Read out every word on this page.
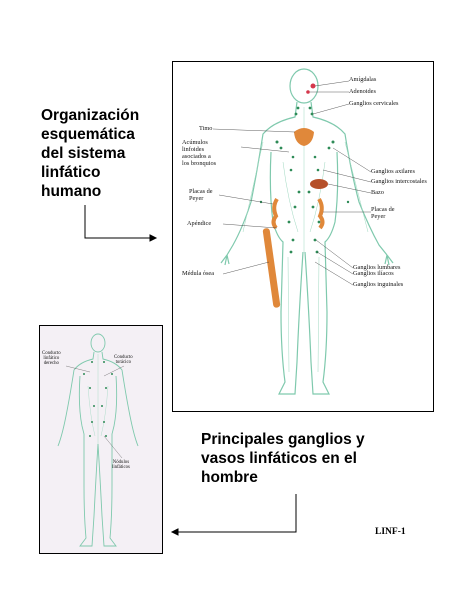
Organización
esquemática
del sistema
linfático
humano
Amígdalas
Adenoides
Ganglios cervicales
Timo
Acúmulos
linfoides
asociados a
los bronquios
Ganglios axilares
Ganglios intercostales
Bazo
Placas de
Peyer
Placas de
Peyer
Apéndice
Médula ósea
Ganglios lumbares
Ganglios ilíacos
Ganglios inguinales
Conducto
linfático
derecho
Conducto
torácico
Nódulos
linfáticos
Principales ganglios y
vasos linfáticos en el
hombre
LINF-1
